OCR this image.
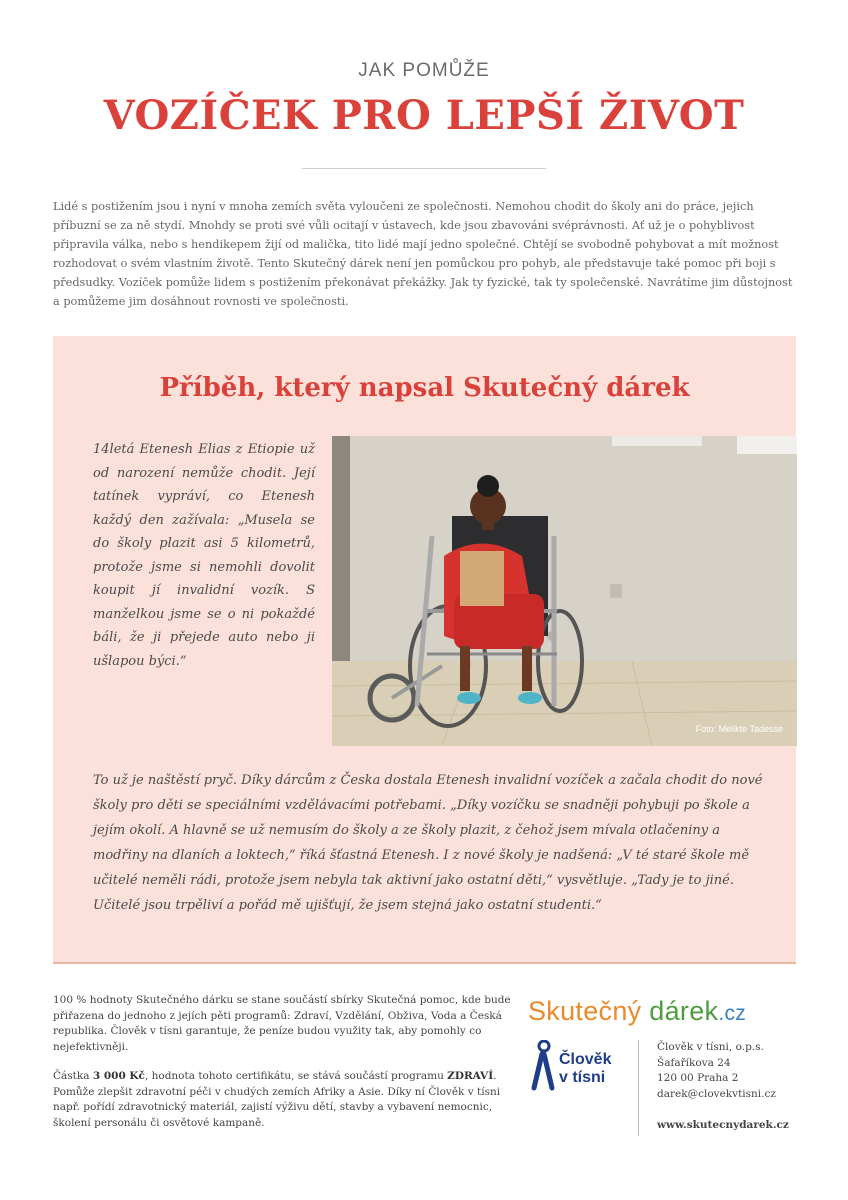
JAK POMŮŽE
VOZÍČEK PRO LEPŠÍ ŽIVOT
Lidé s postižením jsou i nyní v mnoha zemích světa vyloučeni ze společnosti. Nemohou chodit do školy ani do práce, jejich příbuzní se za ně stydí. Mnohdy se proti své vůli ocitají v ústavech, kde jsou zbavováni svéprávnosti. Ať už je o pohyblivost připravila válka, nebo s hendikepem žijí od malička, tito lidé mají jedno společné. Chtějí se svobodně pohybovat a mít možnost rozhodovat o svém vlastním životě. Tento Skutečný dárek není jen pomůckou pro pohyb, ale představuje také pomoc při boji s předsudky. Vozíček pomůže lidem s postižením překonávat překážky. Jak ty fyzické, tak ty společenské. Navrátíme jim důstojnost a pomůžeme jim dosáhnout rovnosti ve společnosti.
Příběh, který napsal Skutečný dárek
14letá Etenesh Elias z Etiopie už od narození nemůže chodit. Její tatínek vypráví, co Etenesh každý den zažívala: „Musela se do školy plazit asi 5 kilometrů, protože jsme si nemohli dovolit koupit jí invalidní vozík. S manželkou jsme se o ni pokaždé báli, že ji přejede auto nebo ji ušlapou býci.“
Foto: Melikte Tadesse
To už je naštěstí pryč. Díky dárcům z Česka dostala Etenesh invalidní vozíček a začala chodit do nové školy pro děti se speciálními vzdělávacími potřebami. „Díky vozíčku se snadněji pohybuji po škole a jejím okolí. A hlavně se už nemusím do školy a ze školy plazit, z čehož jsem mívala otlačeniny a modřiny na dlaních a loktech,“ říká šťastná Etenesh. I z nové školy je nadšená: „V té staré škole mě učitelé neměli rádi, protože jsem nebyla tak aktivní jako ostatní děti,“ vysvětluje. „Tady je to jiné. Učitelé jsou trpěliví a pořád mě ujišťují, že jsem stejná jako ostatní studenti.“

100 % hodnoty Skutečného dárku se stane součástí sbírky Skutečná pomoc, kde bude přiřazena do jednoho z jejích pěti programů: Zdraví, Vzdělání, Obživa, Voda a Česká republika. Člověk v tísni garantuje, že peníze budou využity tak, aby pomohly co nejefektivněji.

Částka 3 000 Kč, hodnota tohoto certifikátu, se stává součástí programu ZDRAVÍ. Pomůže zlepšit zdravotní péči v chudých zemích Afriky a Asie. Díky ní Člověk v tísni např. pořídí zdravotnický materiál, zajistí výživu dětí, stavby a vybavení nemocnic, školení personálu či osvětové kampaně.

Skutečný dárek.cz
Člověk
v tísni
Člověk v tísni, o.p.s.
Šafaříkova 24
120 00 Praha 2
darek@clovekvtisni.cz
www.skutecnydarek.cz
